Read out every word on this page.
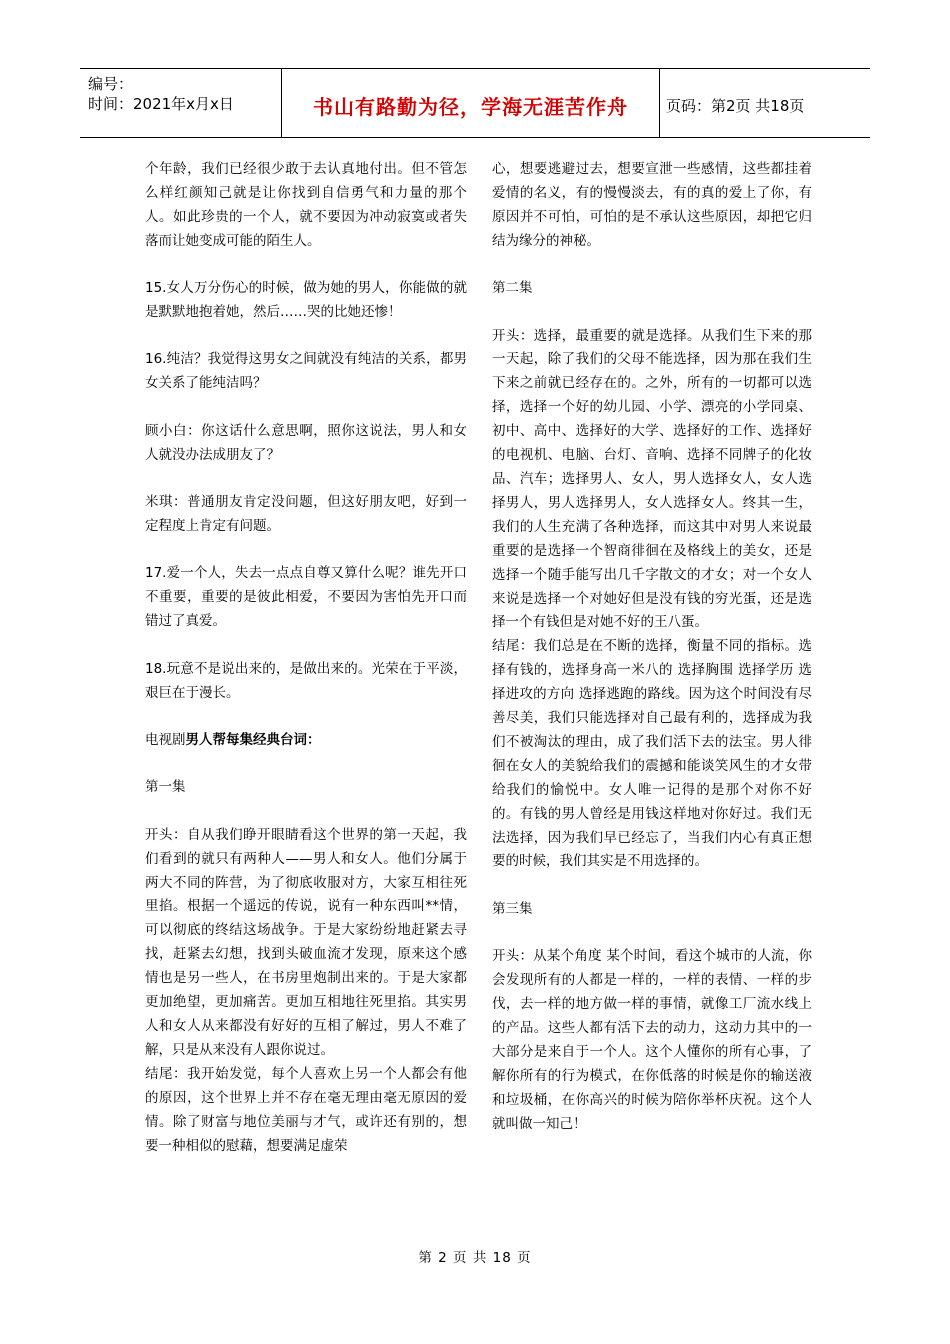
编号：
时间：2021年x月x日	书山有路勤为径，学海无涯苦作舟	页码：第2页 共18页

个年龄，我们已经很少敢于去认真地付出。但不管怎么样红颜知己就是让你找到自信勇气和力量的那个人。如此珍贵的一个人，就不要因为冲动寂寞或者失落而让她变成可能的陌生人。

15.女人万分伤心的时候，做为她的男人，你能做的就是默默地抱着她，然后……哭的比她还惨！

16.纯洁？我觉得这男女之间就没有纯洁的关系，都男女关系了能纯洁吗？

顾小白：你这话什么意思啊，照你这说法，男人和女人就没办法成朋友了？

米琪：普通朋友肯定没问题，但这好朋友吧，好到一定程度上肯定有问题。

17.爱一个人，失去一点点自尊又算什么呢？谁先开口不重要，重要的是彼此相爱，不要因为害怕先开口而错过了真爱。

18.玩意不是说出来的，是做出来的。光荣在于平淡，艰巨在于漫长。

电视剧男人帮每集经典台词：

第一集

开头：自从我们睁开眼睛看这个世界的第一天起，我们看到的就只有两种人——男人和女人。他们分属于两大不同的阵营，为了彻底收服对方，大家互相往死里掐。根据一个遥远的传说，说有一种东西叫**情，可以彻底的终结这场战争。于是大家纷纷地赶紧去寻找，赶紧去幻想，找到头破血流才发现，原来这个感情也是另一些人，在书房里炮制出来的。于是大家都更加绝望，更加痛苦。更加互相地往死里掐。其实男人和女人从来都没有好好的互相了解过，男人不难了解，只是从来没有人跟你说过。

结尾：我开始发觉，每个人喜欢上另一个人都会有他的原因，这个世界上并不存在毫无理由毫无原因的爱情。除了财富与地位美丽与才气，或许还有别的，想要一种相似的慰藉，想要满足虚荣

心，想要逃避过去，想要宣泄一些感情，这些都挂着爱情的名义，有的慢慢淡去，有的真的爱上了你，有原因并不可怕，可怕的是不承认这些原因，却把它归结为缘分的神秘。

第二集

开头：选择，最重要的就是选择。从我们生下来的那一天起，除了我们的父母不能选择，因为那在我们生下来之前就已经存在的。之外，所有的一切都可以选择，选择一个好的幼儿园、小学、漂亮的小学同桌、初中、高中、选择好的大学、选择好的工作、选择好的电视机、电脑、台灯、音响、选择不同牌子的化妆品、汽车；选择男人、女人，男人选择女人，女人选择男人，男人选择男人，女人选择女人。终其一生，我们的人生充满了各种选择，而这其中对男人来说最重要的是选择一个智商徘徊在及格线上的美女，还是选择一个随手能写出几千字散文的才女；对一个女人来说是选择一个对她好但是没有钱的穷光蛋，还是选择一个有钱但是对她不好的王八蛋。

结尾：我们总是在不断的选择，衡量不同的指标。选择有钱的，选择身高一米八的 选择胸围 选择学历 选择进攻的方向 选择逃跑的路线。因为这个时间没有尽善尽美，我们只能选择对自己最有利的，选择成为我们不被淘汰的理由，成了我们活下去的法宝。男人徘徊在女人的美貌给我们的震撼和能谈笑风生的才女带给我们的愉悦中。女人唯一记得的是那个对你不好的。有钱的男人曾经是用钱这样地对你好过。我们无法选择，因为我们早已经忘了，当我们内心有真正想要的时候，我们其实是不用选择的。

第三集

开头：从某个角度 某个时间，看这个城市的人流，你会发现所有的人都是一样的，一样的表情、一样的步伐，去一样的地方做一样的事情，就像工厂流水线上的产品。这些人都有活下去的动力，这动力其中的一大部分是来自于一个人。这个人懂你的所有心事，了解你所有的行为模式，在你低落的时候是你的输送液和垃圾桶，在你高兴的时候为陪你举杯庆祝。这个人就叫做一知己！

第 2 页 共 18 页
